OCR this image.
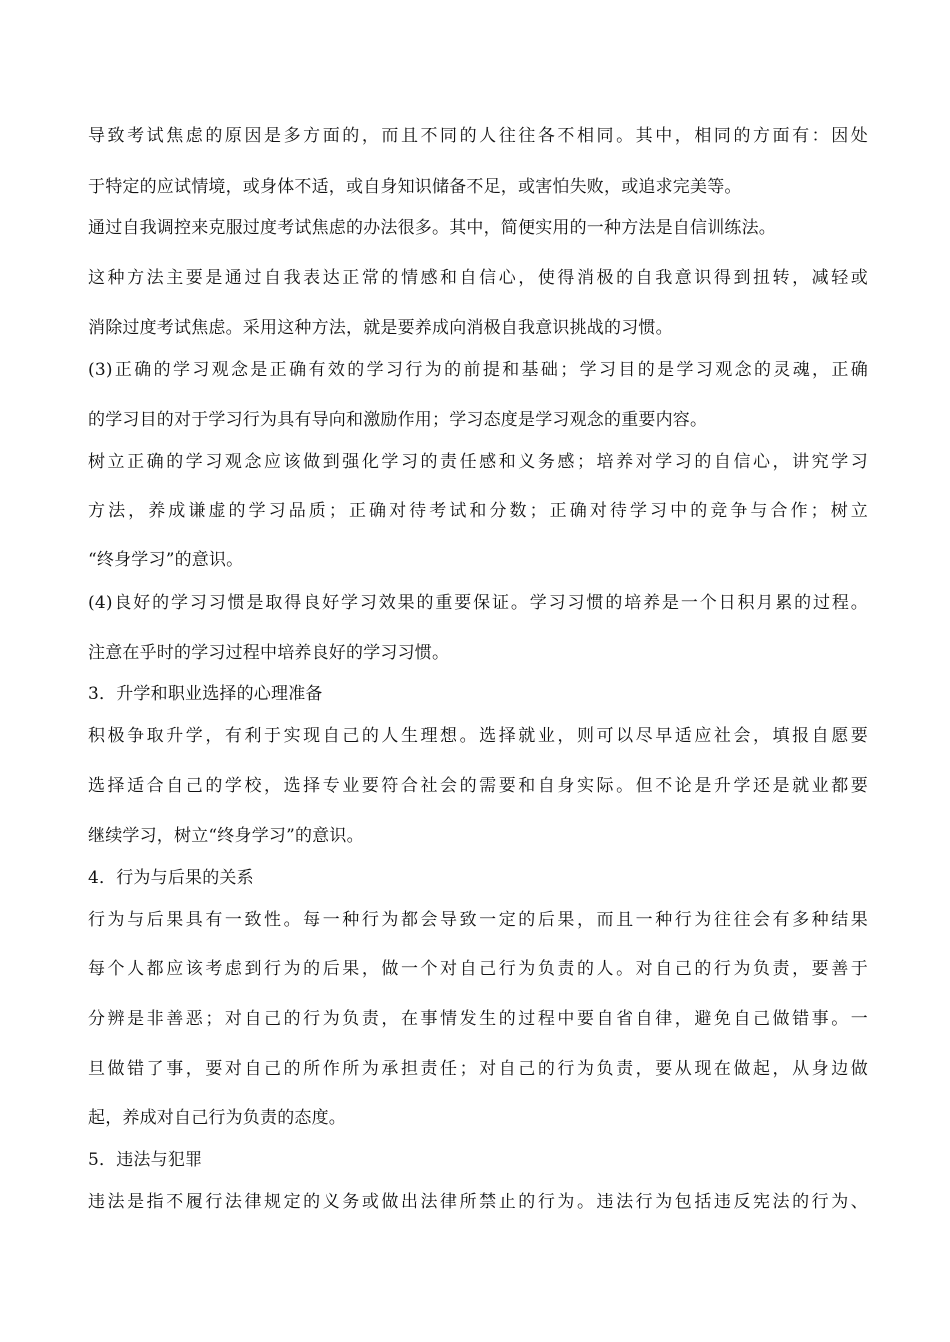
导致考试焦虑的原因是多方面的，而且不同的人往往各不相同。其中，相同的方面有：因处
于特定的应试情境，或身体不适，或自身知识储备不足，或害怕失败，或追求完美等。
通过自我调控来克服过度考试焦虑的办法很多。其中，简便实用的一种方法是自信训练法。
这种方法主要是通过自我表达正常的情感和自信心，使得消极的自我意识得到扭转，减轻或
消除过度考试焦虑。采用这种方法，就是要养成向消极自我意识挑战的习惯。
(3)正确的学习观念是正确有效的学习行为的前提和基础；学习目的是学习观念的灵魂，正确
的学习目的对于学习行为具有导向和激励作用；学习态度是学习观念的重要内容。
树立正确的学习观念应该做到强化学习的责任感和义务感；培养对学习的自信心，讲究学习
方法，养成谦虚的学习品质；正确对待考试和分数；正确对待学习中的竞争与合作；树立
“终身学习”的意识。
(4)良好的学习习惯是取得良好学习效果的重要保证。学习习惯的培养是一个日积月累的过程。
注意在乎时的学习过程中培养良好的学习习惯。
3．升学和职业选择的心理准备
积极争取升学，有利于实现自己的人生理想。选择就业，则可以尽早适应社会，填报自愿要
选择适合自己的学校，选择专业要符合社会的需要和自身实际。但不论是升学还是就业都要
继续学习，树立“终身学习”的意识。
4．行为与后果的关系
行为与后果具有一致性。每一种行为都会导致一定的后果，而且一种行为往往会有多种结果
每个人都应该考虑到行为的后果，做一个对自己行为负责的人。对自己的行为负责，要善于
分辨是非善恶；对自己的行为负责，在事情发生的过程中要自省自律，避免自己做错事。一
旦做错了事，要对自己的所作所为承担责任；对自己的行为负责，要从现在做起，从身边做
起，养成对自己行为负责的态度。
5．违法与犯罪
违法是指不履行法律规定的义务或做出法律所禁止的行为。违法行为包括违反宪法的行为、
